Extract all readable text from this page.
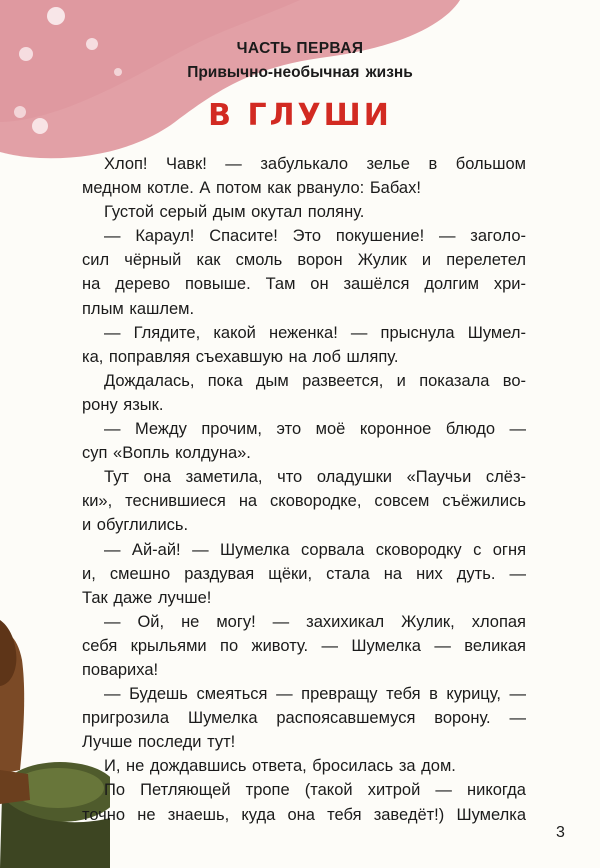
ЧАСТЬ ПЕРВАЯ
Привычно-необычная жизнь
В ГЛУШИ
Хлоп! Чавк! — забулькало зелье в большом
медном котле. А потом как рвануло: Бабах!
Густой серый дым окутал поляну.
— Караул! Спасите! Это покушение! — заголо-
сил чёрный как смоль ворон Жулик и перелетел
на дерево повыше. Там он зашёлся долгим хри-
плым кашлем.
— Глядите, какой неженка! — прыснула Шумел-
ка, поправляя съехавшую на лоб шляпу.
Дождалась, пока дым развеется, и показала во-
рону язык.
— Между прочим, это моё коронное блюдо —
суп «Вопль колдуна».
Тут она заметила, что оладушки «Паучьи слёз-
ки», теснившиеся на сковородке, совсем съёжились
и обуглились.
— Ай-ай! — Шумелка сорвала сковородку с огня
и, смешно раздувая щёки, стала на них дуть. —
Так даже лучше!
— Ой, не могу! — захихикал Жулик, хлопая
себя крыльями по животу. — Шумелка — великая
повариха!
— Будешь смеяться — превращу тебя в курицу, —
пригрозила Шумелка распоясавшемуся ворону. —
Лучше последи тут!
И, не дождавшись ответа, бросилась за дом.
По Петляющей тропе (такой хитрой — никогда
точно не знаешь, куда она тебя заведёт!) Шумелка
3
